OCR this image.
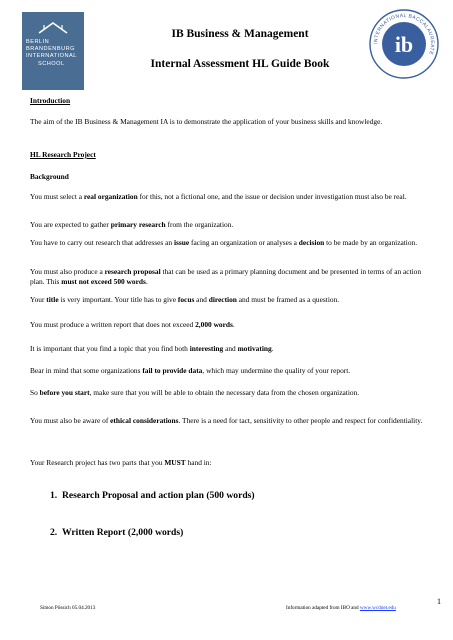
BERLIN
BRANDENBURG
INTERNATIONAL
SCHOOL
IB Business & Management
Internal Assessment HL Guide Book
INTERNATIONAL BACCALAUREATE
ib
Introduction
The aim of the IB Business & Management IA is to demonstrate the application of your business skills and knowledge.
HL Research Project
Background
You must select a real organization for this, not a fictional one, and the issue or decision under investigation must also be real.
You are expected to gather primary research from the organization.
You have to carry out research that addresses an issue facing an organization or analyses a decision to be made by an organization.
You must also produce a research proposal that can be used as a primary planning document and be presented in terms of an action plan. This must not exceed 500 words.
Your title is very important. Your title has to give focus and direction and must be framed as a question.
You must produce a written report that does not exceed 2,000 words.
It is important that you find a topic that you find both interesting and motivating.
Bear in mind that some organizations fail to provide data, which may undermine the quality of your report.
So before you start, make sure that you will be able to obtain the necessary data from the chosen organization.
You must also be aware of ethical considerations. There is a need for tact, sensitivity to other people and respect for confidentiality.
Your Research project has two parts that you MUST hand in:
1. Research Proposal and action plan (500 words)
2. Written Report (2,000 words)
Simon Pössich 05.04.2013	Information adapted from IBO and www.wcdnet.edu
1
